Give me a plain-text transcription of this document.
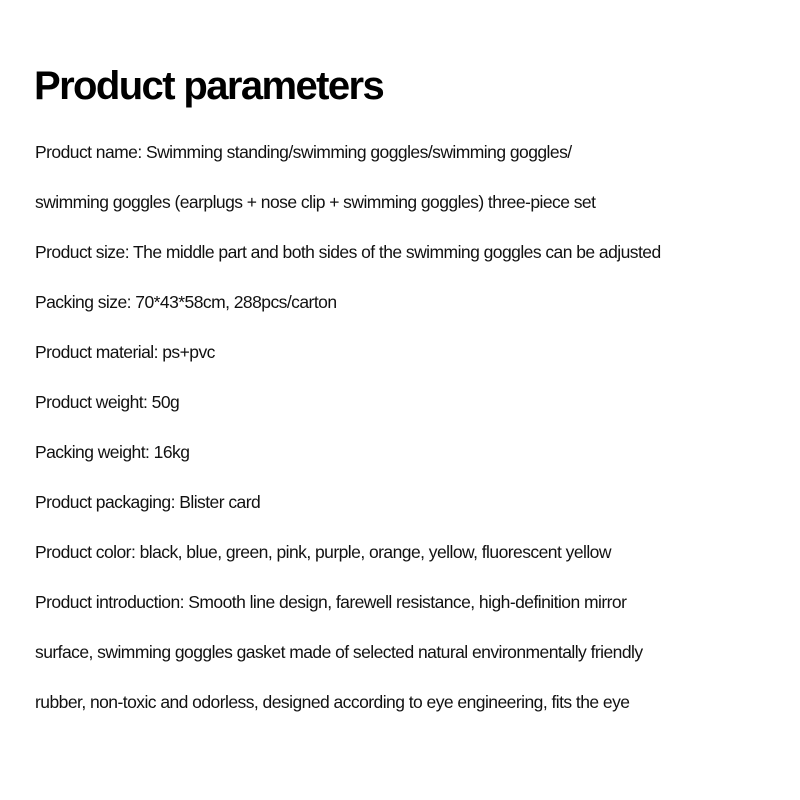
Product parameters

Product name: Swimming standing/swimming goggles/swimming goggles/

swimming goggles (earplugs + nose clip + swimming goggles) three-piece set

Product size: The middle part and both sides of the swimming goggles can be adjusted

Packing size: 70*43*58cm, 288pcs/carton

Product material: ps+pvc

Product weight: 50g

Packing weight: 16kg

Product packaging: Blister card

Product color: black, blue, green, pink, purple, orange, yellow, fluorescent yellow

Product introduction: Smooth line design, farewell resistance, high-definition mirror

surface, swimming goggles gasket made of selected natural environmentally friendly

rubber, non-toxic and odorless, designed according to eye engineering, fits the eye
